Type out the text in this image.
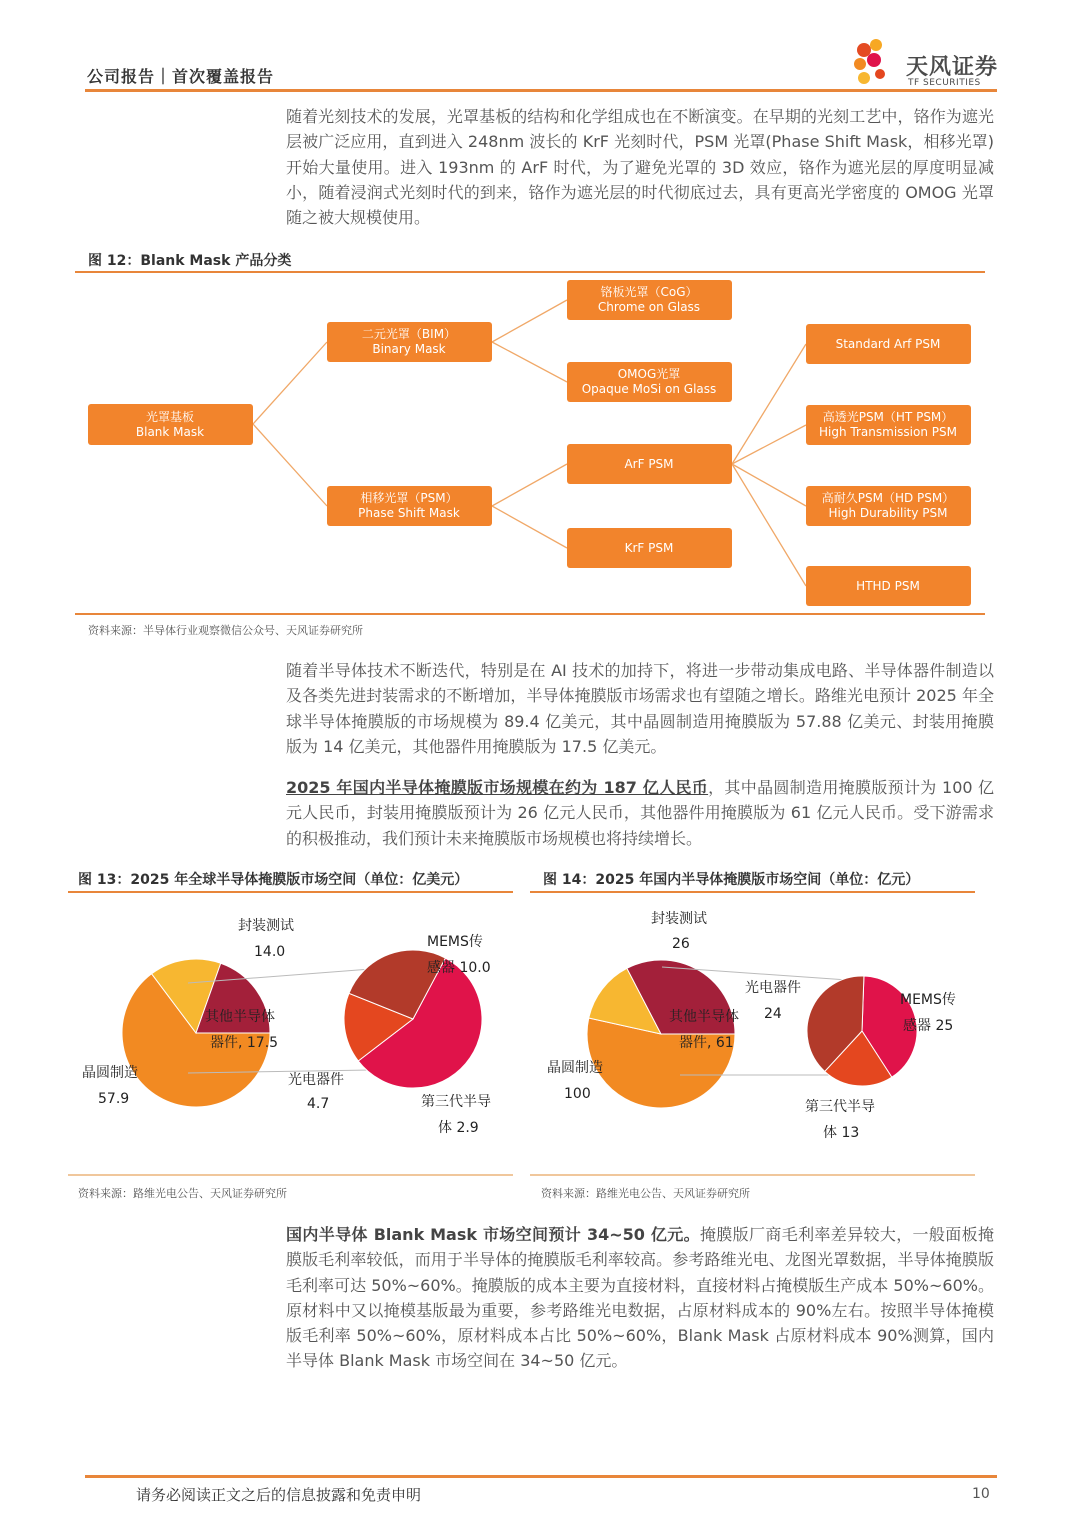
公司报告｜首次覆盖报告	天风证券
TF SECURITIES
随着光刻技术的发展，光罩基板的结构和化学组成也在不断演变。在早期的光刻工艺中，铬作为遮光层被广泛应用，直到进入 248nm 波长的 KrF 光刻时代，PSM 光罩(Phase Shift Mask，相移光罩)开始大量使用。进入 193nm 的 ArF 时代，为了避免光罩的 3D 效应，铬作为遮光层的厚度明显减小，随着浸润式光刻时代的到来，铬作为遮光层的时代彻底过去，具有更高光学密度的 OMOG 光罩随之被大规模使用。
图 12：Blank Mask 产品分类
光罩基板
Blank Mask
二元光罩（BIM）
Binary Mask
相移光罩（PSM）
Phase Shift Mask
铬板光罩（CoG）
Chrome on Glass
OMOG光罩
Opaque MoSi on Glass
ArF PSM
KrF PSM
Standard Arf PSM
高透光PSM（HT PSM）
High Transmission PSM
高耐久PSM（HD PSM）
High Durability PSM
HTHD PSM
资料来源：半导体行业观察微信公众号、天风证券研究所
随着半导体技术不断迭代，特别是在 AI 技术的加持下，将进一步带动集成电路、半导体器件制造以及各类先进封装需求的不断增加，半导体掩膜版市场需求也有望随之增长。路维光电预计 2025 年全球半导体掩膜版的市场规模为 89.4 亿美元，其中晶圆制造用掩膜版为 57.88 亿美元、封装用掩膜版为 14 亿美元，其他器件用掩膜版为 17.5 亿美元。
2025 年国内半导体掩膜版市场规模在约为 187 亿人民币，其中晶圆制造用掩膜版预计为 100 亿元人民币，封装用掩膜版预计为 26 亿元人民币，其他器件用掩膜版为 61 亿元人民币。受下游需求的积极推动，我们预计未来掩膜版市场规模也将持续增长。
图 13：2025 年全球半导体掩膜版市场空间（单位：亿美元）	图 14：2025 年国内半导体掩膜版市场空间（单位：亿元）
封装测试
14.0
其他半导体
器件, 17.5
晶圆制造
57.9
MEMS传
感器 10.0
光电器件
4.7	第三代半导
体 2.9
封装测试
26
其他半导体
器件, 61
晶圆制造
100
光电器件
24
MEMS传
感器 25
第三代半导
体 13
资料来源：路维光电公告、天风证券研究所	资料来源：路维光电公告、天风证券研究所
国内半导体 Blank Mask 市场空间预计 34~50 亿元。掩膜版厂商毛利率差异较大，一般面板掩膜版毛利率较低，而用于半导体的掩膜版毛利率较高。参考路维光电、龙图光罩数据，半导体掩膜版毛利率可达 50%~60%。掩膜版的成本主要为直接材料，直接材料占掩模版生产成本 50%~60%。原材料中又以掩模基版最为重要，参考路维光电数据，占原材料成本的 90%左右。按照半导体掩模版毛利率 50%~60%，原材料成本占比 50%~60%，Blank Mask 占原材料成本 90%测算，国内半导体 Blank Mask 市场空间在 34~50 亿元。
请务必阅读正文之后的信息披露和免责申明	10
